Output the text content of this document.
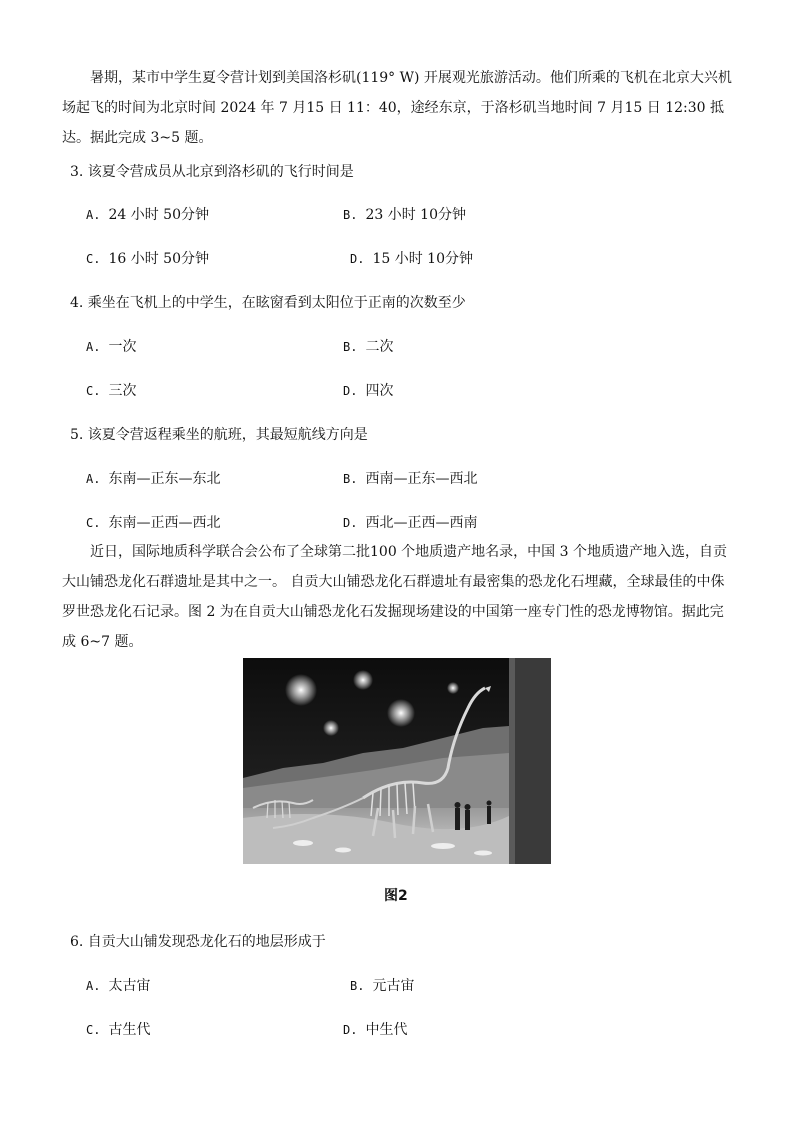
暑期，某市中学生夏令营计划到美国洛杉矶(119° W) 开展观光旅游活动。他们所乘的飞机在北京大兴机场起飞的时间为北京时间 2024 年 7 月15 日 11：40，途经东京，于洛杉矶当地时间 7 月15 日 12:30 抵达。据此完成 3~5 题。

3. 该夏令营成员从北京到洛杉矶的飞行时间是
A. 24 小时 50分钟	B. 23 小时 10分钟
C. 16 小时 50分钟	D. 15 小时 10分钟
4. 乘坐在飞机上的中学生，在眩窗看到太阳位于正南的次数至少
A. 一次	B. 二次
C. 三次	D. 四次
5. 该夏令营返程乘坐的航班，其最短航线方向是
A. 东南—正东—东北	B. 西南—正东—西北
C. 东南—正西—西北	D. 西北—正西—西南

近日，国际地质科学联合会公布了全球第二批100 个地质遗产地名录，中国 3 个地质遗产地入选，自贡大山铺恐龙化石群遗址是其中之一。 自贡大山铺恐龙化石群遗址有最密集的恐龙化石埋藏，全球最佳的中侏罗世恐龙化石记录。图 2 为在自贡大山铺恐龙化石发掘现场建设的中国第一座专门性的恐龙博物馆。据此完成 6~7 题。

图2
6. 自贡大山铺发现恐龙化石的地层形成于
A. 太古宙	B. 元古宙
C. 古生代	D. 中生代
